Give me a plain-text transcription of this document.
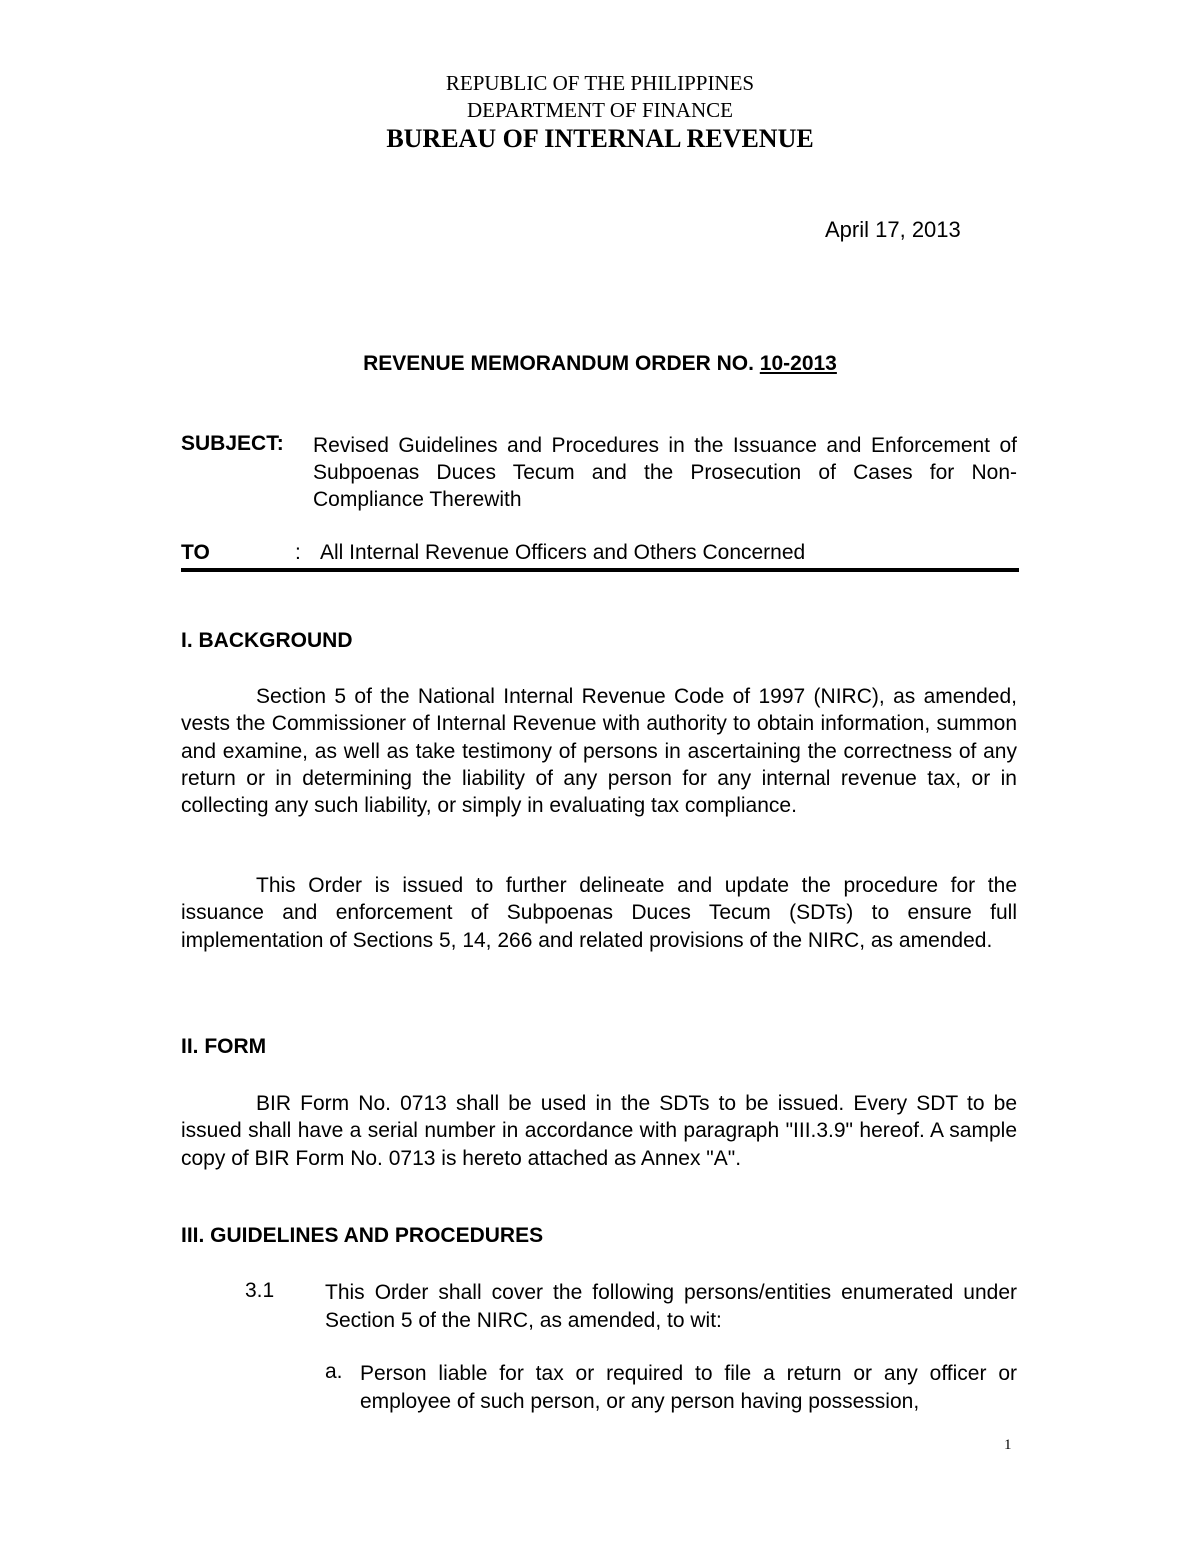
REPUBLIC OF THE PHILIPPINES
DEPARTMENT OF FINANCE
BUREAU OF INTERNAL REVENUE
April 17, 2013
REVENUE MEMORANDUM ORDER NO. 10-2013
SUBJECT: Revised Guidelines and Procedures in the Issuance and Enforcement of Subpoenas Duces Tecum and the Prosecution of Cases for Non-Compliance Therewith
TO	: All Internal Revenue Officers and Others Concerned
I. BACKGROUND

Section 5 of the National Internal Revenue Code of 1997 (NIRC), as amended, vests the Commissioner of Internal Revenue with authority to obtain information, summon and examine, as well as take testimony of persons in ascertaining the correctness of any return or in determining the liability of any person for any internal revenue tax, or in collecting any such liability, or simply in evaluating tax compliance.

This Order is issued to further delineate and update the procedure for the issuance and enforcement of Subpoenas Duces Tecum (SDTs) to ensure full implementation of Sections 5, 14, 266 and related provisions of the NIRC, as amended.

II. FORM

BIR Form No. 0713 shall be used in the SDTs to be issued. Every SDT to be issued shall have a serial number in accordance with paragraph "III.3.9" hereof. A sample copy of BIR Form No. 0713 is hereto attached as Annex "A".

III. GUIDELINES AND PROCEDURES
3.1 This Order shall cover the following persons/entities enumerated under Section 5 of the NIRC, as amended, to wit:
a. Person liable for tax or required to file a return or any officer or employee of such person, or any person having possession,
1
